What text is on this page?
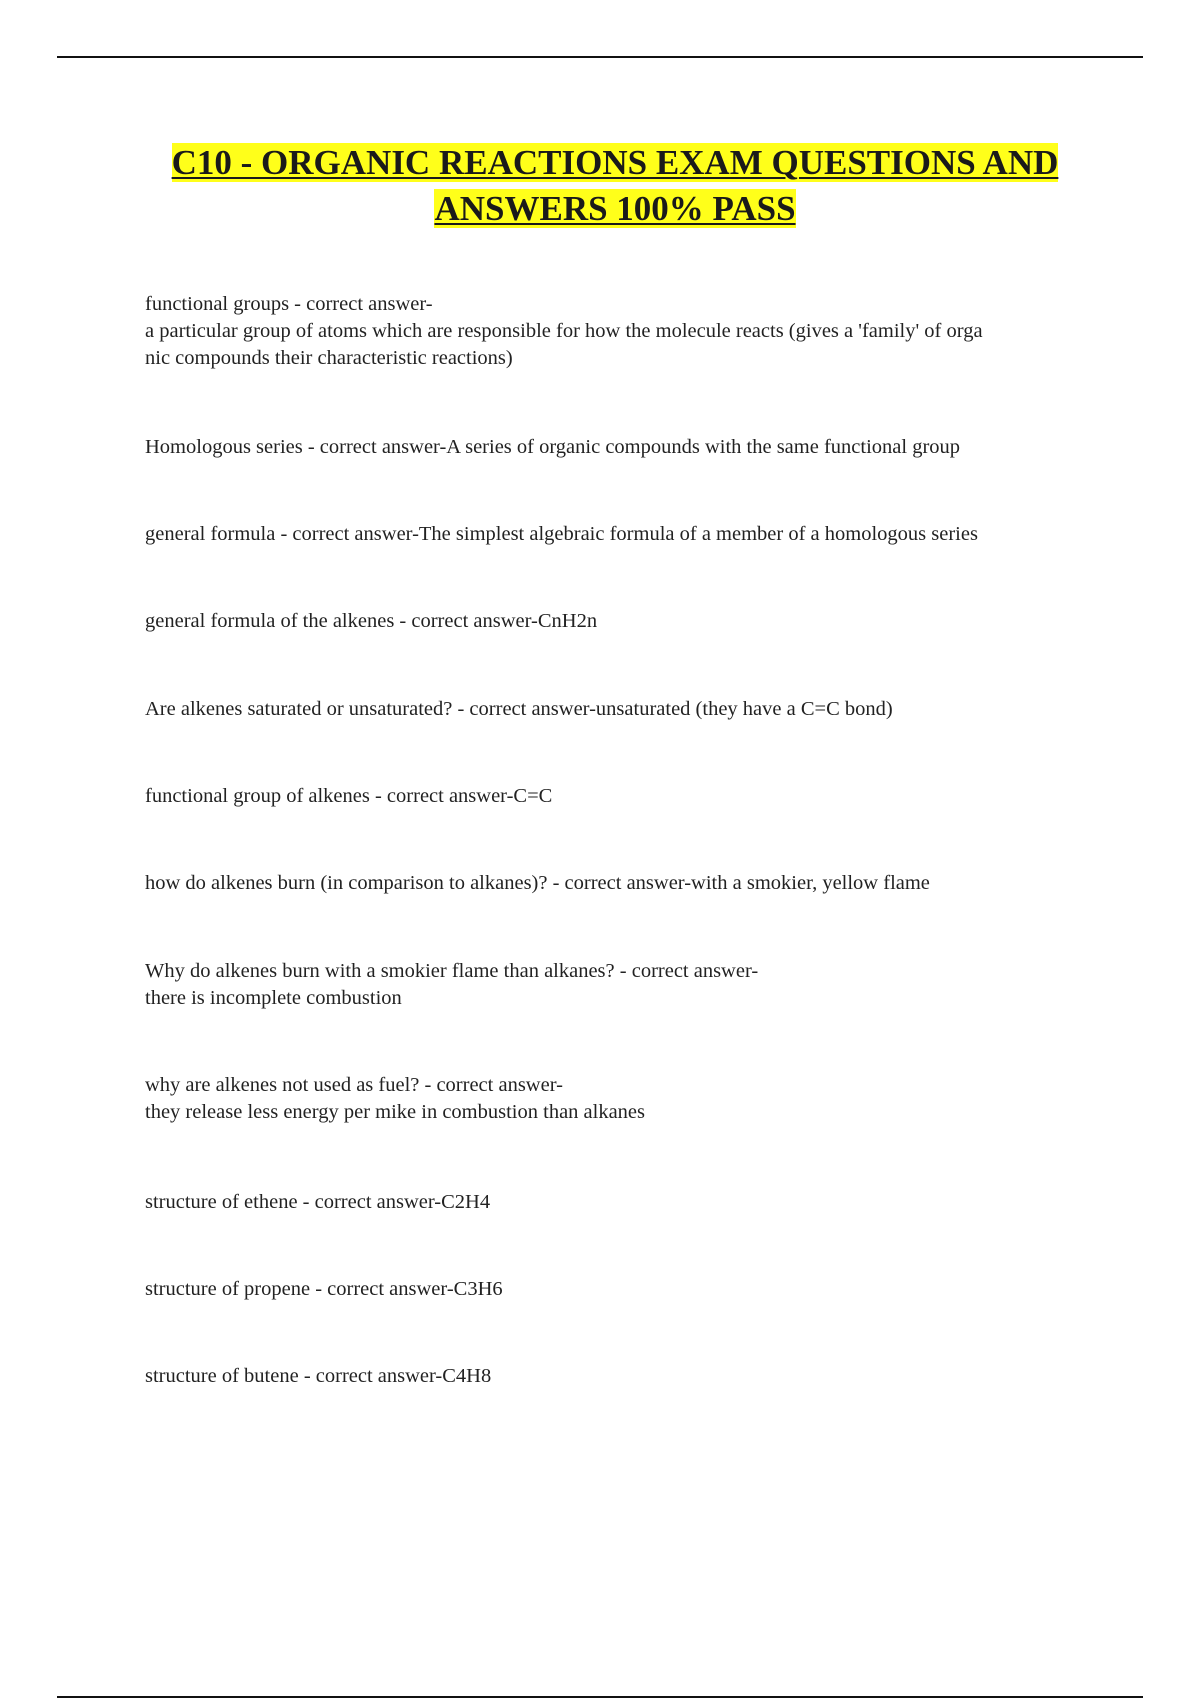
C10 - ORGANIC REACTIONS EXAM QUESTIONS AND
ANSWERS 100% PASS
functional groups - correct answer-
a particular group of atoms which are responsible for how the molecule reacts (gives a 'family' of orga
nic compounds their characteristic reactions)
Homologous series - correct answer-A series of organic compounds with the same functional group
general formula - correct answer-The simplest algebraic formula of a member of a homologous series
general formula of the alkenes - correct answer-CnH2n
Are alkenes saturated or unsaturated? - correct answer-unsaturated (they have a C=C bond)
functional group of alkenes - correct answer-C=C
how do alkenes burn (in comparison to alkanes)? - correct answer-with a smokier, yellow flame
Why do alkenes burn with a smokier flame than alkanes? - correct answer-
there is incomplete combustion
why are alkenes not used as fuel? - correct answer-
they release less energy per mike in combustion than alkanes
structure of ethene - correct answer-C2H4
structure of propene - correct answer-C3H6
structure of butene - correct answer-C4H8
